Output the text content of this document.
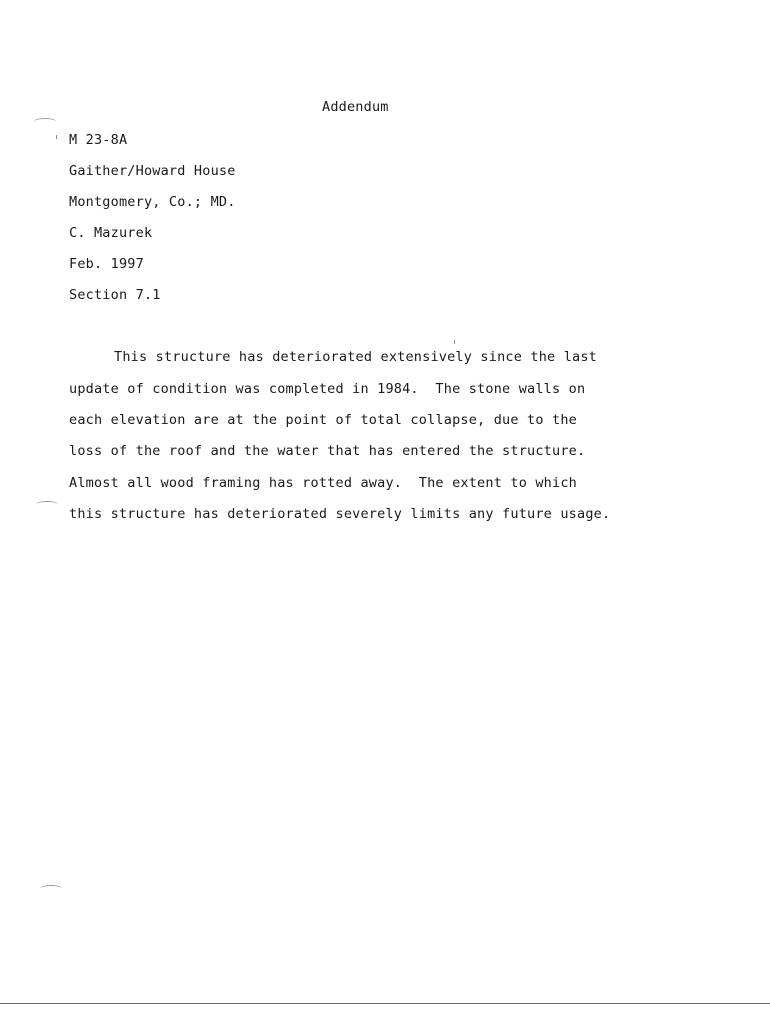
Addendum
M 23-8A
Gaither/Howard House
Montgomery, Co.; MD.
C. Mazurek
Feb. 1997
Section 7.1
This structure has deteriorated extensively since the last
update of condition was completed in 1984.  The stone walls on
each elevation are at the point of total collapse, due to the
loss of the roof and the water that has entered the structure.
Almost all wood framing has rotted away.  The extent to which
this structure has deteriorated severely limits any future usage.
